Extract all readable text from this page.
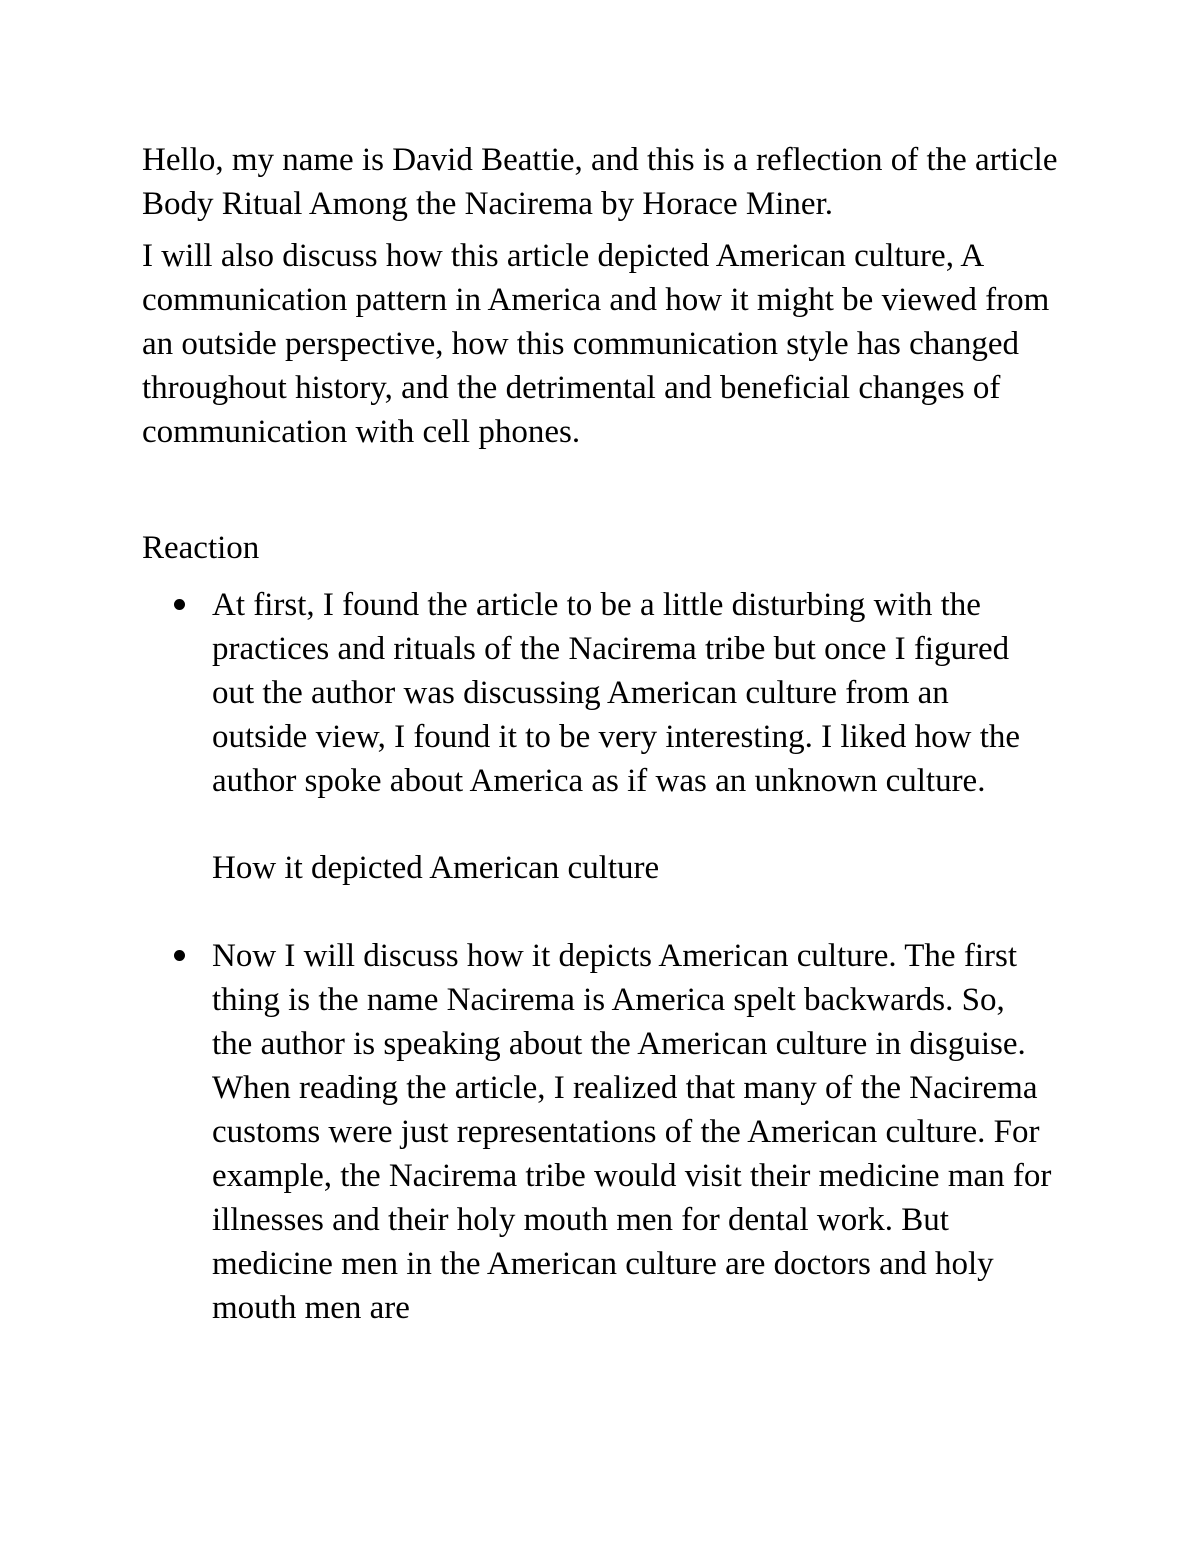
Hello, my name is David Beattie, and this is a reflection of the article Body Ritual Among the Nacirema by Horace Miner.

I will also discuss how this article depicted American culture, A communication pattern in America and how it might be viewed from an outside perspective, how this communication style has changed throughout history, and the detrimental and beneficial changes of communication with cell phones.

Reaction

At first, I found the article to be a little disturbing with the practices and rituals of the Nacirema tribe but once I figured out the author was discussing American culture from an outside view, I found it to be very interesting. I liked how the author spoke about America as if was an unknown culture.

How it depicted American culture

Now I will discuss how it depicts American culture. The first thing is the name Nacirema is America spelt backwards. So, the author is speaking about the American culture in disguise. When reading the article, I realized that many of the Nacirema customs were just representations of the American culture. For example, the Nacirema tribe would visit their medicine man for illnesses and their holy mouth men for dental work. But medicine men in the American culture are doctors and holy mouth men are
